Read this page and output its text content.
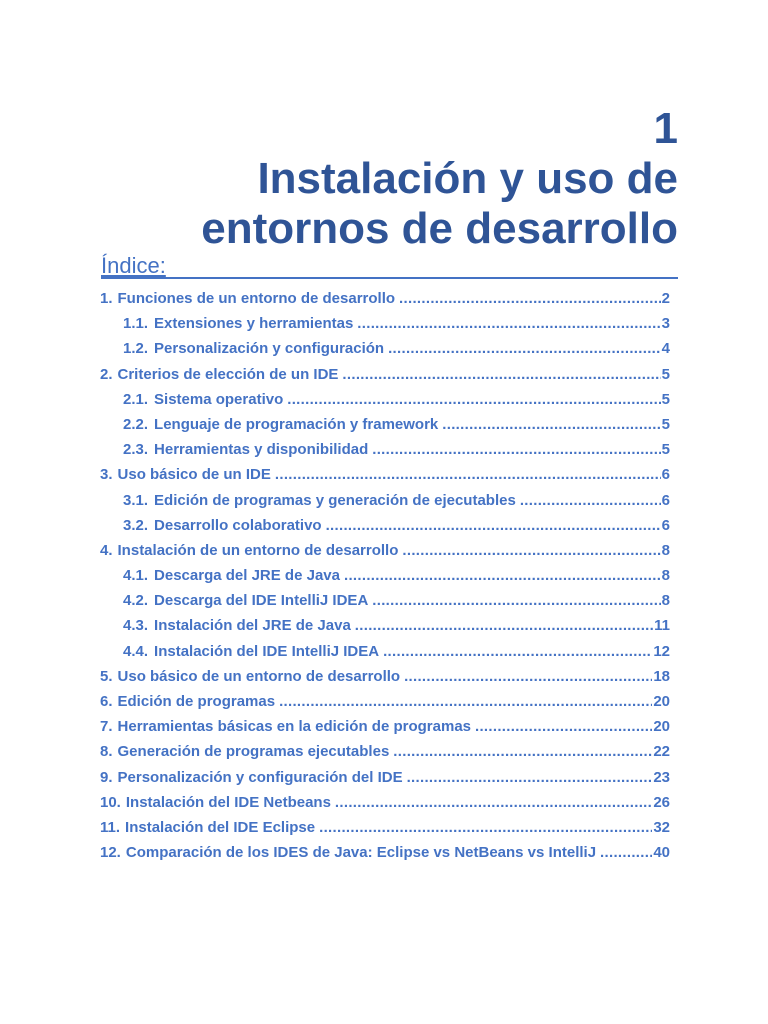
1
Instalación y uso de
entornos de desarrollo
Índice:
1. Funciones de un entorno de desarrollo .....	2
1.1. Extensiones y herramientas .....	3
1.2. Personalización y configuración .....	4
2. Criterios de elección de un IDE .....	5
2.1. Sistema operativo .....	5
2.2. Lenguaje de programación y framework .....	5
2.3. Herramientas y disponibilidad .....	5
3. Uso básico de un IDE .....	6
3.1. Edición de programas y generación de ejecutables .....	6
3.2. Desarrollo colaborativo .....	6
4. Instalación de un entorno de desarrollo .....	8
4.1. Descarga del JRE de Java .....	8
4.2. Descarga del IDE IntelliJ IDEA .....	8
4.3. Instalación del JRE de Java .....	11
4.4. Instalación del IDE IntelliJ IDEA .....	12
5. Uso básico de un entorno de desarrollo .....	18
6. Edición de programas .....	20
7. Herramientas básicas en la edición de programas .....	20
8. Generación de programas ejecutables .....	22
9. Personalización y configuración del IDE .....	23
10. Instalación del IDE Netbeans .....	26
11. Instalación del IDE Eclipse .....	32
12. Comparación de los IDES de Java: Eclipse vs NetBeans vs IntelliJ .....	40
